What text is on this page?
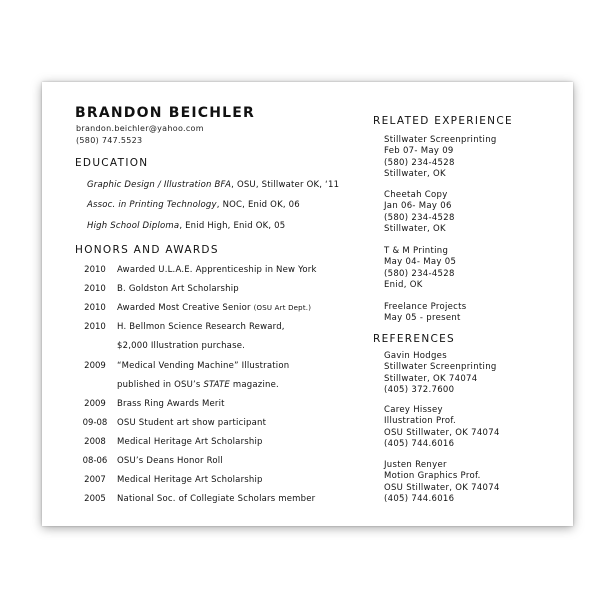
BRANDON BEICHLER
brandon.beichler@yahoo.com
(580) 747.5523
EDUCATION
Graphic Design / Illustration BFA, OSU, Stillwater OK, ‘11
Assoc. in Printing Technology, NOC, Enid OK, 06
High School Diploma, Enid High, Enid OK, 05
HONORS AND AWARDS
2010	Awarded U.L.A.E. Apprenticeship in New York
2010	B. Goldston Art Scholarship
2010	Awarded Most Creative Senior (OSU Art Dept.)
2010	H. Bellmon Science Research Reward,
$2,000 Illustration purchase.
2009	“Medical Vending Machine” Illustration
published in OSU’s STATE magazine.
2009	Brass Ring Awards Merit
09-08	OSU Student art show participant
2008	Medical Heritage Art Scholarship
08-06	OSU’s Deans Honor Roll
2007	Medical Heritage Art Scholarship
2005	National Soc. of Collegiate Scholars member
RELATED EXPERIENCE
Stillwater Screenprinting
Feb 07- May 09
(580) 234-4528
Stillwater, OK
Cheetah Copy
Jan 06- May 06
(580) 234-4528
Stillwater, OK
T & M Printing
May 04- May 05
(580) 234-4528
Enid, OK
Freelance Projects
May 05 - present
REFERENCES
Gavin Hodges
Stillwater Screenprinting
Stillwater, OK 74074
(405) 372.7600
Carey Hissey
Illustration Prof.
OSU Stillwater, OK 74074
(405) 744.6016
Justen Renyer
Motion Graphics Prof.
OSU Stillwater, OK 74074
(405) 744.6016
